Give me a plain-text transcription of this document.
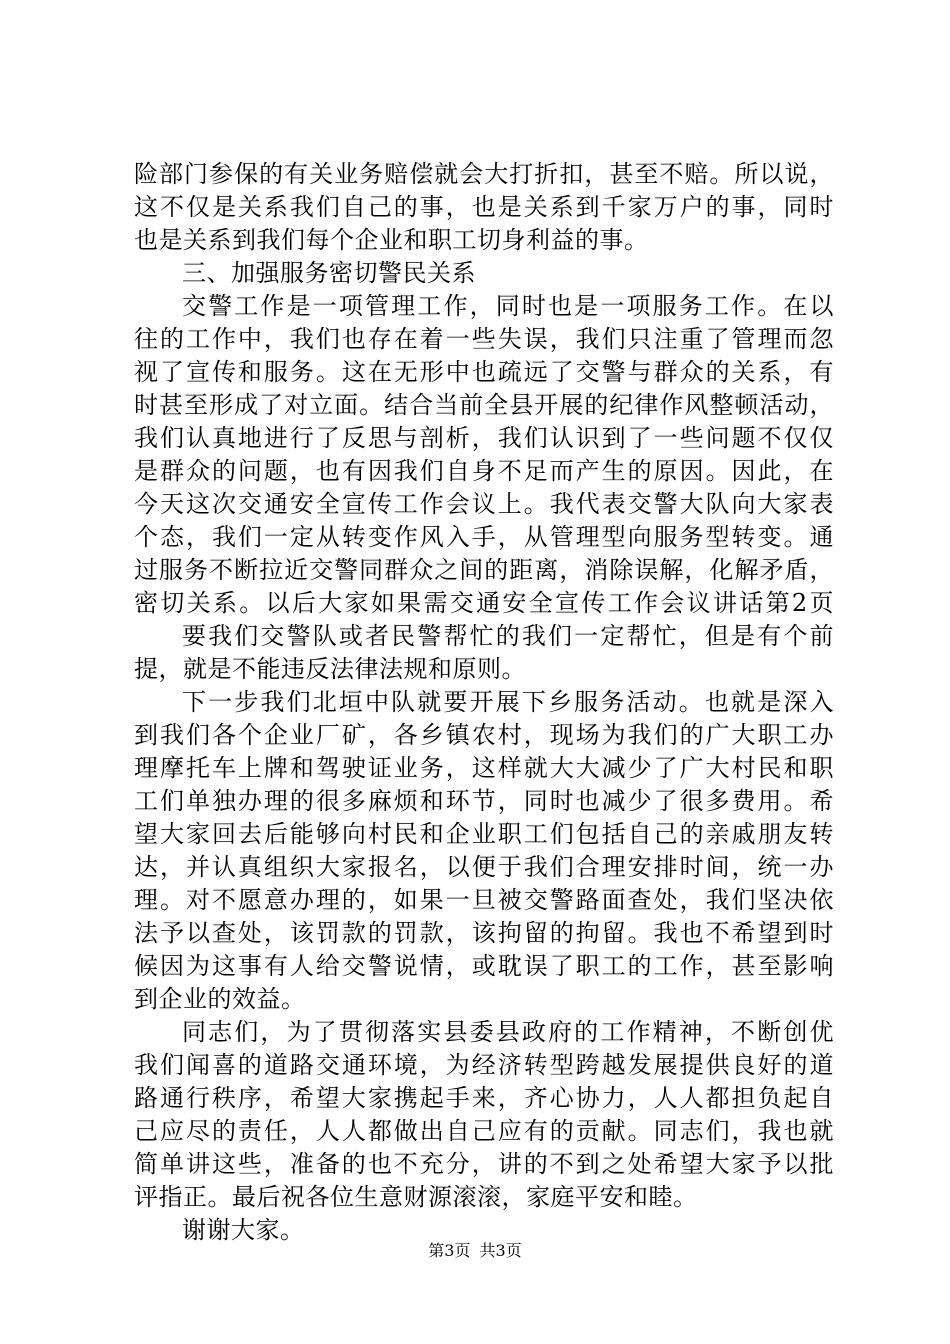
险部门参保的有关业务赔偿就会大打折扣，甚至不赔。所以说，
这不仅是关系我们自己的事，也是关系到千家万户的事，同时
也是关系到我们每个企业和职工切身利益的事。
三、加强服务密切警民关系
交警工作是一项管理工作，同时也是一项服务工作。在以
往的工作中，我们也存在着一些失误，我们只注重了管理而忽
视了宣传和服务。这在无形中也疏远了交警与群众的关系，有
时甚至形成了对立面。结合当前全县开展的纪律作风整顿活动，
我们认真地进行了反思与剖析，我们认识到了一些问题不仅仅
是群众的问题，也有因我们自身不足而产生的原因。因此，在
今天这次交通安全宣传工作会议上。我代表交警大队向大家表
个态，我们一定从转变作风入手，从管理型向服务型转变。通
过服务不断拉近交警同群众之间的距离，消除误解，化解矛盾，
密切关系。以后大家如果需交通安全宣传工作会议讲话第2页
要我们交警队或者民警帮忙的我们一定帮忙，但是有个前
提，就是不能违反法律法规和原则。
下一步我们北垣中队就要开展下乡服务活动。也就是深入
到我们各个企业厂矿，各乡镇农村，现场为我们的广大职工办
理摩托车上牌和驾驶证业务，这样就大大减少了广大村民和职
工们单独办理的很多麻烦和环节，同时也减少了很多费用。希
望大家回去后能够向村民和企业职工们包括自己的亲戚朋友转
达，并认真组织大家报名，以便于我们合理安排时间，统一办
理。对不愿意办理的，如果一旦被交警路面查处，我们坚决依
法予以查处，该罚款的罚款，该拘留的拘留。我也不希望到时
候因为这事有人给交警说情，或耽误了职工的工作，甚至影响
到企业的效益。
同志们，为了贯彻落实县委县政府的工作精神，不断创优
我们闻喜的道路交通环境，为经济转型跨越发展提供良好的道
路通行秩序，希望大家携起手来，齐心协力，人人都担负起自
己应尽的责任，人人都做出自己应有的贡献。同志们，我也就
简单讲这些，准备的也不充分，讲的不到之处希望大家予以批
评指正。最后祝各位生意财源滚滚，家庭平安和睦。
谢谢大家。
第3页 共3页
